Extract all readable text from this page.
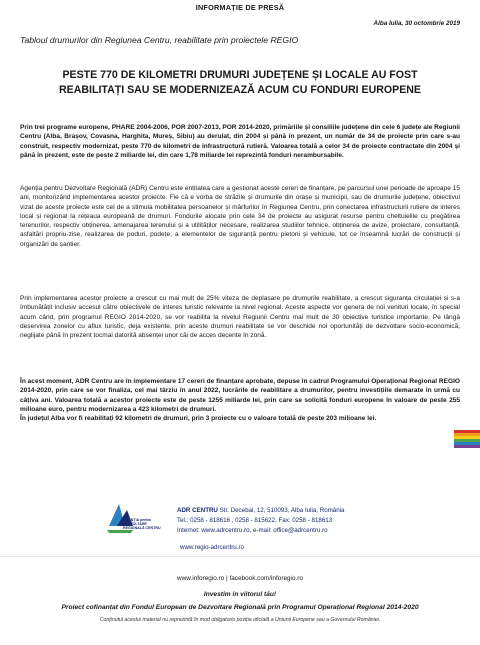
INFORMAȚIE DE PRESĂ
Alba Iulia, 30 octombrie 2019
Tabloul drumurilor din Regiunea Centru, reabilitate prin proiectele REGIO
PESTE 770 DE KILOMETRI DRUMURI JUDEȚENE ȘI LOCALE AU FOST
REABILITAȚI SAU SE MODERNIZEAZĂ ACUM CU FONDURI EUROPENE

Prin trei programe europene, PHARE 2004-2006, POR 2007-2013, POR 2014-2020, primăriile și consiliile județene din cele 6 județe ale Regiunii Centru (Alba, Brașov, Covasna, Harghita, Mureș, Sibiu) au derulat, din 2004 și până în prezent, un număr de 34 de proiecte prin care s-au construit, respectiv modernizat, peste 770 de kilometri de infrastructură rutieră. Valoarea totală a celor 34 de proiecte contractate din 2004 și până în prezent, este de peste 2 miliarde lei, din care 1,78 miliarde lei reprezintă fonduri nerambursabile.

Agenția pentru Dezvoltare Regională (ADR) Centru este entitatea care a gestionat aceste cereri de finanțare, pe parcursul unei perioade de aproape 15 ani, monitorizând implementarea acestor proiecte. Fie că e vorba de străzile și drumurile din orașe și municipii, sau de drumurile județene, obiectivul vizat de aceste proiecte este cel de a stimula mobilitatea persoanelor și mărfurilor în Regiunea Centru, prin conectarea infrastructurii rutiere de interes local și regional la rețeaua europeană de drumuri. Fondurile alocate prin cele 34 de proiecte au asigurat resurse pentru cheltuielile cu pregătirea terenurilor, respectiv obținerea, amenajarea terenului și a utilităților necesare, realizarea studiilor tehnice, obținerea de avize, proiectare, consultanță, asfaltări propriu-zise, realizarea de poduri, podețe, a elementelor de siguranță pentru pietoni și vehicule, tot ce înseamnă lucrări de construcții și organizări de șantier.

Prin implementarea acestor proiecte a crescut cu mai mult de 25% viteza de deplasare pe drumurile reabilitate, a crescut siguranța circulației și s-a îmbunătățit inclusiv accesul către obiectivele de interes turistic relevante la nivel regional. Aceste aspecte vor genera de noi venituri locale, în special acum când, prin programul REGIO 2014-2020, se vor reabilita la nivelul Regiunii Centru mai mult de 30 obiective turistice importante. Pe lângă deservirea zonelor cu aflux turistic, deja existente, prin aceste drumuri reabilitate se vor deschide noi oportunități de dezvoltare socio-economică, neglijate până în prezent tocmai datorită absenței unor căi de acces decente în zonă.

În acest moment, ADR Centru are în implementare 17 cereri de finanțare aprobate, depuse în cadrul Programului Operațional Regional REGIO 2014-2020, prin care se vor finaliza, cel mai târziu în anul 2022, lucrările de reabilitare a drumurilor, pentru investițiile demarate în urmă cu câțiva ani. Valoarea totală a acestor proiecte este de peste 1255 miliarde lei, prin care se solicită fonduri europene în valoare de peste 255 milioane euro, pentru modernizarea a 423 kilometri de drumuri.
În județul Alba vor fi reabilitați 92 kilometri de drumuri, prin 3 proiecte cu o valoare totală de peste 203 milioane lei.
AGENȚIA pentru DEZVOLTARE REGIONALĂ CENTRU
ADR CENTRU Str. Decebal, 12, 510093, Alba Iulia, România
Tel.: 0258 - 818616 , 0258 - 815622, Fax: 0258 - 818613
Internet: www.adrcentru.ro, e-mail: office@adrcentru.ro
www.regio-adrcentru.ro
www.inforegio.ro | facebook.com/inforegio.ro
Investim în viitorul tău!
Proiect cofinanțat din Fondul European de Dezvoltare Regională prin Programul Operațional Regional 2014-2020
Conținutul acestui material nu reprezintă în mod obligatoriu poziția oficială a Uniunii Europene sau a Guvernului României.
